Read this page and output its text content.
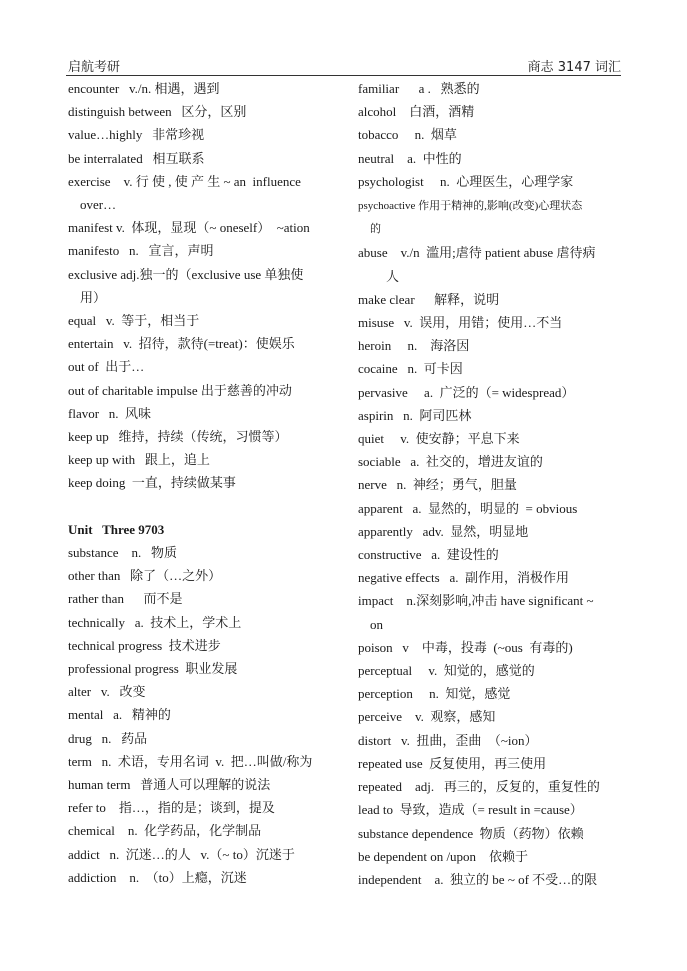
启航考研	商志 3147 词汇
encounter   v./n. 相遇，遇到
distinguish between   区分，区别
value…highly   非常珍视
be interralated   相互联系
exercise    v. 行 使 , 使 产 生 ~ an  influence
over…
manifest v.  体现，显现（~ oneself）  ~ation
manifesto   n.   宣言，声明
exclusive adj.独一的（exclusive use 单独使
用）
equal   v.  等于，相当于
entertain   v.  招待，款待(=treat)：使娱乐
out of  出于…
out of charitable impulse 出于慈善的冲动
flavor   n.  风味
keep up   维持，持续（传统，习惯等）
keep up with   跟上，追上
keep doing  一直，持续做某事
Unit   Three 9703
substance    n.   物质
other than   除了（…之外）
rather than      而不是
technically   a.  技术上，学术上
technical progress  技术进步
professional progress  职业发展
alter   v.   改变
mental   a.   精神的
drug   n.   药品
term   n.  术语，专用名词  v.  把…叫做/称为
human term   普通人可以理解的说法
refer to    指…，指的是；谈到，提及
chemical    n.  化学药品，化学制品
addict   n.  沉迷…的人   v.（~ to）沉迷于
addiction    n.  （to）上瘾，沉迷
familiar      a .   熟悉的
alcohol    白酒，酒精
tobacco     n.  烟草
neutral    a.  中性的
psychologist     n.  心理医生，心理学家
psychoactive 作用于精神的,影响(改变)心理状态
的
abuse    v./n  滥用;虐待 patient abuse 虐待病
人
make clear      解释，说明
misuse   v.  误用，用错；使用…不当
heroin     n.    海洛因
cocaine   n.  可卡因
pervasive     a.  广泛的（= widespread）
aspirin   n.  阿司匹林
quiet     v.  使安静；平息下来
sociable   a.  社交的，增进友谊的
nerve   n.  神经；勇气，胆量
apparent   a.  显然的，明显的  = obvious
apparently   adv.  显然，明显地
constructive   a.  建设性的
negative effects   a.  副作用，消极作用
impact    n.深刻影响,冲击 have significant ~
on
poison   v    中毒，投毒  (~ous  有毒的)
perceptual     v.  知觉的，感觉的
perception     n.  知觉，感觉
perceive    v.  观察，感知
distort   v.  扭曲，歪曲  （~ion）
repeated use  反复使用，再三使用
repeated    adj.   再三的，反复的，重复性的
lead to  导致，造成（= result in =cause）
substance dependence  物质（药物）依赖
be dependent on /upon    依赖于
independent    a.  独立的 be ~ of 不受…的限
